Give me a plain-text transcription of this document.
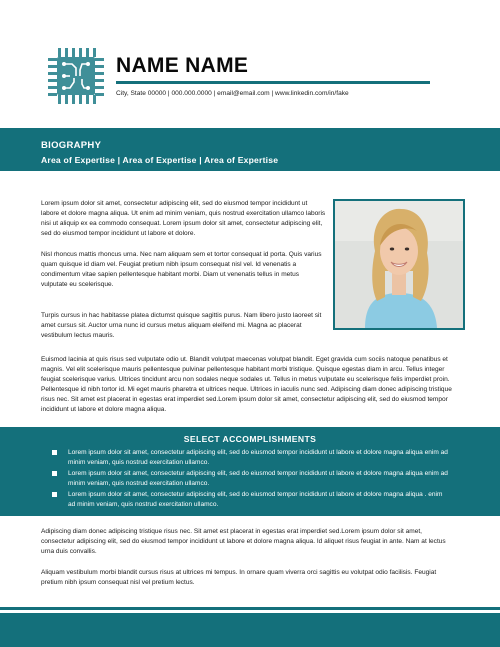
NAME NAME
City, State 00000 | 000.000.0000 | email@email.com | www.linkedin.com/in/fake
BIOGRAPHY
Area of Expertise | Area of Expertise | Area of Expertise

Lorem ipsum dolor sit amet, consectetur adipiscing elit, sed do eiusmod tempor incididunt ut labore et dolore magna aliqua. Ut enim ad minim veniam, quis nostrud exercitation ullamco laboris nisi ut aliquip ex ea commodo consequat. Lorem ipsum dolor sit amet, consectetur adipiscing elit, sed do eiusmod tempor incididunt ut labore et dolore.

Nisl rhoncus mattis rhoncus urna. Nec nam aliquam sem et tortor consequat id porta. Quis varius quam quisque id diam vel. Feugiat pretium nibh ipsum consequat nisl vel. Id venenatis a condimentum vitae sapien pellentesque habitant morbi. Diam ut venenatis tellus in metus vulputate eu scelerisque.

Turpis cursus in hac habitasse platea dictumst quisque sagittis purus. Nam libero justo laoreet sit amet cursus sit. Auctor urna nunc id cursus metus aliquam eleifend mi. Magna ac placerat vestibulum lectus mauris.

Euismod lacinia at quis risus sed vulputate odio ut. Blandit volutpat maecenas volutpat blandit. Eget gravida cum sociis natoque penatibus et magnis. Vel elit scelerisque mauris pellentesque pulvinar pellentesque habitant morbi tristique. Quisque egestas diam in arcu. Tellus integer feugiat scelerisque varius. Ultrices tincidunt arcu non sodales neque sodales ut. Tellus in metus vulputate eu scelerisque felis imperdiet proin. Pellentesque id nibh tortor id. Mi eget mauris pharetra et ultrices neque. Ultrices in iaculis nunc sed. Adipiscing diam donec adipiscing tristique risus nec. Sit amet est placerat in egestas erat imperdiet sed.Lorem ipsum dolor sit amet, consectetur adipiscing elit, sed do eiusmod tempor incididunt ut labore et dolore magna aliqua.

SELECT ACCOMPLISHMENTS
Lorem ipsum dolor sit amet, consectetur adipiscing elit, sed do eiusmod tempor incididunt ut labore et dolore magna aliqua enim ad minim veniam, quis nostrud exercitation ullamco.
Lorem ipsum dolor sit amet, consectetur adipiscing elit, sed do eiusmod tempor incididunt ut labore et dolore magna aliqua enim ad minim veniam, quis nostrud exercitation ullamco.
Lorem ipsum dolor sit amet, consectetur adipiscing elit, sed do eiusmod tempor incididunt ut labore et dolore magna aliqua . enim ad minim veniam, quis nostrud exercitation ullamco.

Adipiscing diam donec adipiscing tristique risus nec. Sit amet est placerat in egestas erat imperdiet sed.Lorem ipsum dolor sit amet, consectetur adipiscing elit, sed do eiusmod tempor incididunt ut labore et dolore magna aliqua. Id aliquet risus feugiat in ante. Nam at lectus urna duis convallis.

Aliquam vestibulum morbi blandit cursus risus at ultrices mi tempus. In ornare quam viverra orci sagittis eu volutpat odio facilisis. Feugiat pretium nibh ipsum consequat nisl vel pretium lectus.
